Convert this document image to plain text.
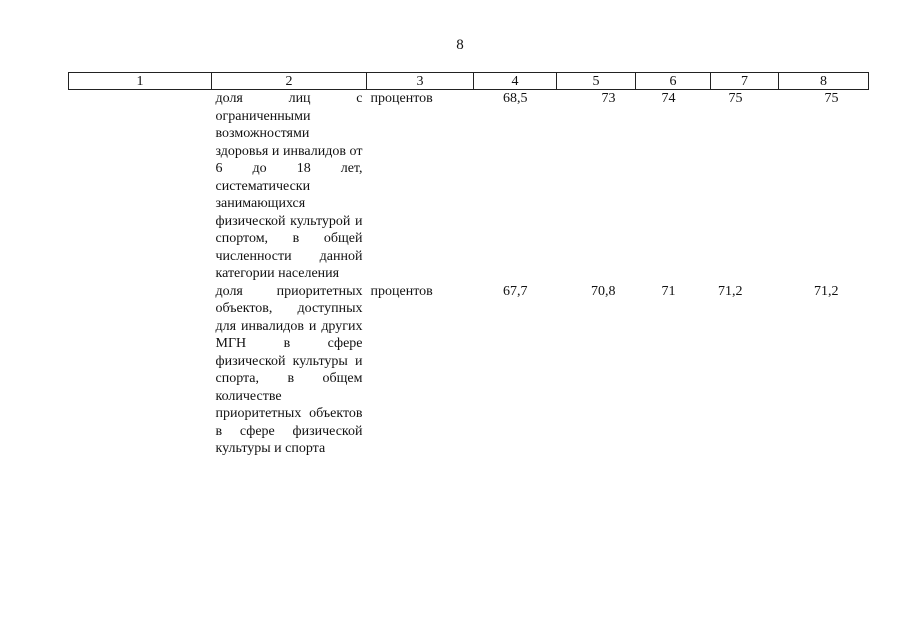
8
1	2	3	4	5	6	7	8
	доля лиц с ограниченными возможностями здоровья и инвалидов от 6 до 18 лет, систематически занимающихся физической культурой и спортом, в общей численности данной категории населения	процентов	68,5	73	74	75	75
	доля приоритетных объектов, доступных для инвалидов и других МГН в сфере физической культуры и спорта, в общем количестве приоритетных объектов в сфере физической культуры и спорта	процентов	67,7	70,8	71	71,2	71,2
